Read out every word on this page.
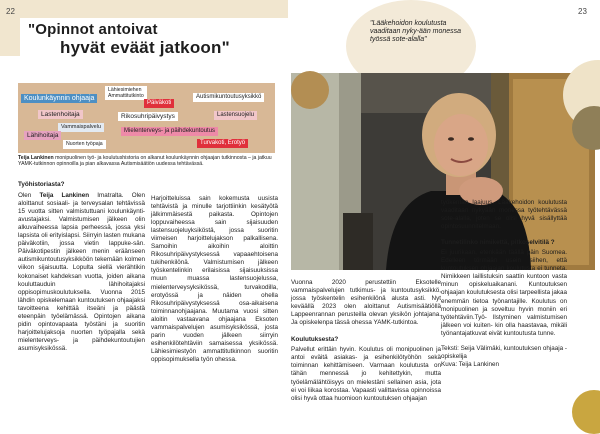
22
"Opinnot antoivat
hyvät eväät jatkoon"
Koulunkäynnin ohjaaja
Lähiesimiehen
Ammattitutkinto
Päiväkoti
Autismikuntoutusyksikkö
Lastenhoitaja	Rikosuhripäivystys	Lastensuojelu
Vammaispalvelu
Lähihoitaja
Mielenterveys- ja päihdekuntoutus
Nuorten työpaja	Turvakoti, Erotyö
Teija Lankinen monipuolinen työ- ja koulutushistoria on alkanut koulunkäynnin ohjaajan tutkinnosta – ja jatkuu YAMK-tutkinnon opinnoilla ja pian alkavassa Autismisäätiön uudessa tehtävässä.
Työhistoriasta?
Olen Teija Lankinen Imatralta. Olen aloittanut sosiaali- ja terveysalan tehtävissä 15 vuotta sitten valmistuttuani koulunkäynti-avustajaksi. Valmistumisen jälkeen olin alkuvaiheessa lapsia perheessä, jossa yksi lapsista oli erityislapsi. Siirryin lasten mukana päiväkotiin, jossa vietin lappuke-sän. Päiväkotipestin jälkeen menin eräänseen autismikuntoutusyksikköön tekemään kolmen viikon sijaisuutta. Lopulta siellä vierähtikin kokonaiset kahdeksan vuotta, joiden aikana kouluttauduin lähihoitajaksi oppisopimuskoulutuksella. Vuonna 2015 lähdin opiskelemaan kuntoutuksen ohjaajaksi tavoitteena kehittää itseäni ja päästä eteenpäin työelämässä. Opintojen aikana pidin opintovapaata työstäni ja suoritin harjoittelujaksoja nuorten työpajalla sekä mielenterveys- ja päihdekuntoutujien asumisyksikössä.
Harjoitteluissa sain kokemusta uusista tehtävistä ja minulle tarjottiinkin kesätyötä jälkimmäisestä paikasta. Opintojen loppuvaiheessa sain sijaisuuden lastensuojeluyksiköstä, jossa suoritin viimeisen harjoittelujakson palkallisena. Samoihin aikoihin aloittin Rikosuhripäivystyksessä vapaaehtoisena tukihenkilönä. Valmistumisen jälkeen työskentelinkin erilaisissa sijaisuuksissa muun muassa lastensuojelussa, mielenterveysyksikössä, turvakodilla, erotyössä ja näiden ohella Rikosuhripäivystyksessä osa-aikaisena toiminnanohjaajana. Muutama vuosi sitten aloitin vastaavana ohjaajana Eksoten vammaispalvelujen asumisyksikössä, josta parin vuoden jälkeen siirryin esihenkilötehtäviin samaisessa yksikössä. Lähiesimiestyön ammattitutkinnon suoritin oppisopimuksella työn ohessa.
23
"Lääkehoidon koulutusta vaaditaan nyky-ään monessa työssä sote-alalla"
Vuonna 2020 perustettiin Eksotelle vammaispalvelujen tutkimus- ja kuntoutusyksikkö, jossa työskentelin esihenkilönä alusta asti. Nyt keväällä 2023 olen aloittanut Autismisäätiöllä Lappeenrannan perusteilla olevan yksikön johtajana. Ja opiskelenpa tässä ohessa YAMK-tutkintoa.
Koulutuksesta?
Palvellut erittäin hyvin. Koulutus oli monipuolinen ja antoi eväitä asiakas- ja esihenkilötyöhön sekä toiminnan kehittämiseen. Varmaan koulutusta on tähän mennessä jo kehitettykin, mutta työelämälähtöisyys on mielestäni sellainen asia, jota ei voi liikaa korostaa. Vapaasti valittavissa opinnoissa olisi hyvä ottaa huomioon kuntoutuksen ohjaajan
työkentän laajuus. Lääkehoidon koulutusta vaaditaan nykyään monessa työtehtävässä sote-alalla, joten se olisi hyvä sisällyttää opintosuunnitelmaan.
Tunnetilinko nimikettä, pitkoselvitilä ?
Ei juurikaan, etenkään täällä päin Suomea. Edelleen törmään usein siihen, että kuntoutuksen ohjaajan koulutusta ei tunneta. Nimikkeen laillistuksin saattin kuntoon vasta minun opiskeluaikanani. Kuntoutuksen ohjaajan koulutuksesta olisi tarpeellista jakaa enemmän tietoa työnantajille. Koulutus on monipuolinen ja soveltuu hyvin moniin eri työtehtäviin.Työ- llstyminen valmistumisen jälkeen voi kuiten- kin olla haastavaa, mikäli työnantajatkuvat eivät kuntoutusta tunne.
Teksti: Seija Välimäki, kuntoutuksen ohjaaja -opiskelija
Kuva: Teija Lankinen
